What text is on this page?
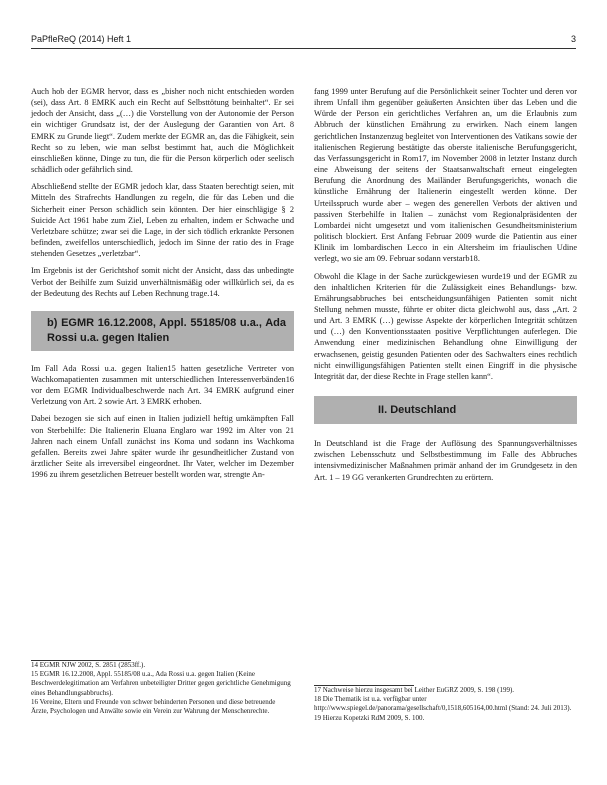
PaPfleReQ (2014) Heft 1	3

Auch hob der EGMR hervor, dass es „bisher noch nicht entschieden worden (sei), dass Art. 8 EMRK auch ein Recht auf Selbsttötung beinhaltet“. Er sei jedoch der Ansicht, dass „(…) die Vorstellung von der Autonomie der Person ein wichtiger Grundsatz ist, der der Auslegung der Garantien von Art. 8 EMRK zu Grunde liegt“. Zudem merkte der EGMR an, das die Fähigkeit, sein Recht so zu leben, wie man selbst bestimmt hat, auch die Möglichkeit einschließen könne, Dinge zu tun, die für die Person körperlich oder seelisch schädlich oder gefährlich sind.

Abschließend stellte der EGMR jedoch klar, dass Staaten berechtigt seien, mit Mitteln des Strafrechts Handlungen zu regeln, die für das Leben und die Sicherheit einer Person schädlich sein könnten. Der hier einschlägige § 2 Suicide Act 1961 habe zum Ziel, Leben zu erhalten, indem er Schwache und Verletzbare schütze; zwar sei die Lage, in der sich tödlich erkrankte Personen befinden, zweifellos unterschiedlich, jedoch im Sinne der ratio des in Frage stehenden Gesetzes „verletzbar“.

Im Ergebnis ist der Gerichtshof somit nicht der Ansicht, dass das unbedingte Verbot der Beihilfe zum Suizid unverhältnismäßig oder willkürlich sei, da es der Bedeutung des Rechts auf Leben Rechnung trage.14.

b) EGMR 16.12.2008, Appl. 55185/08 u.a., Ada Rossi u.a. gegen Italien

Im Fall Ada Rossi u.a. gegen Italien15 hatten gesetzliche Vertreter von Wachkomapatienten zusammen mit unterschiedlichen Interessenverbänden16 vor dem EGMR Individualbeschwerde nach Art. 34 EMRK aufgrund einer Verletzung von Art. 2 sowie Art. 3 EMRK erhoben.

Dabei bezogen sie sich auf einen in Italien judiziell heftig umkämpften Fall von Sterbehilfe: Die Italienerin Eluana Englaro war 1992 im Alter von 21 Jahren nach einem Unfall zunächst ins Koma und sodann ins Wachkoma gefallen. Bereits zwei Jahre später wurde ihr gesundheitlicher Zustand von ärztlicher Seite als irreversibel eingeordnet. Ihr Vater, welcher im Dezember 1996 zu ihrem gesetzlichen Betreuer bestellt worden war, strengte An-

fang 1999 unter Berufung auf die Persönlichkeit seiner Tochter und deren vor ihrem Unfall ihm gegenüber geäußerten Ansichten über das Leben und die Würde der Person ein gerichtliches Verfahren an, um die Erlaubnis zum Abbruch der künstlichen Ernährung zu erwirken. Nach einem langen gerichtlichen Instanzenzug begleitet von Interventionen des Vatikans sowie der italienischen Regierung bestätigte das oberste italienische Berufungsgericht, das Verfassungsgericht in Rom17, im November 2008 in letzter Instanz durch eine Abweisung der seitens der Staatsanwaltschaft erneut eingelegten Berufung die Anordnung des Mailänder Berufungsgerichts, wonach die künstliche Ernährung der Italienerin eingestellt werden könne. Der Urteilsspruch wurde aber – wegen des generellen Verbots der aktiven und passiven Sterbehilfe in Italien – zunächst vom Regionalpräsidenten der Lombardei nicht umgesetzt und vom italienischen Gesundheitsministerium politisch blockiert. Erst Anfang Februar 2009 wurde die Patientin aus einer Klinik im lombardischen Lecco in ein Altersheim im friaulischen Udine verlegt, wo sie am 09. Februar sodann verstarb18.

Obwohl die Klage in der Sache zurückgewiesen wurde19 und der EGMR zu den inhaltlichen Kriterien für die Zulässigkeit eines Behandlungs- bzw. Ernährungsabbruches bei entscheidungsunfähigen Patienten somit nicht Stellung nehmen musste, führte er obiter dicta gleichwohl aus, dass „Art. 2 und Art. 3 EMRK (…) gewisse Aspekte der körperlichen Integrität schützen und (…) den Konventionsstaaten positive Verpflichtungen auferlegen. Die Anwendung einer medizinischen Behandlung ohne Einwilligung der erwachsenen, geistig gesunden Patienten oder des Sachwalters eines rechtlich nicht einwilligungsfähigen Patienten stellt einen Eingriff in die physische Integrität dar, der diese Rechte in Frage stellen kann“.

II. Deutschland

In Deutschland ist die Frage der Auflösung des Spannungsverhältnisses zwischen Lebensschutz und Selbstbestimmung im Falle des Abbruches intensivmedizinischer Maßnahmen primär anhand der im Grundgesetz in den Art. 1 – 19 GG verankerten Grundrechten zu erörtern.

14 EGMR NJW 2002, S. 2851 (2853ff.).
15 EGMR 16.12.2008, Appl. 55185/08 u.a., Ada Rossi u.a. gegen Italien (Keine Beschwerdelegitimation am Verfahren unbeteiligter Dritter gegen gerichtliche Genehmigung eines Behandlungsabbruchs).
16 Vereine, Eltern und Freunde von schwer behinderten Personen und diese betreuende Ärzte, Psychologen und Anwälte sowie ein Verein zur Wahrung der Menschenrechte.
17 Nachweise hierzu insgesamt bei Leither EuGRZ 2009, S. 198 (199).
18 Die Thematik ist u.a. verfügbar unter http://www.spiegel.de/panorama/gesellschaft/0,1518,605164,00.html (Stand: 24. Juli 2013).
19 Hierzu Kopetzki RdM 2009, S. 100.
